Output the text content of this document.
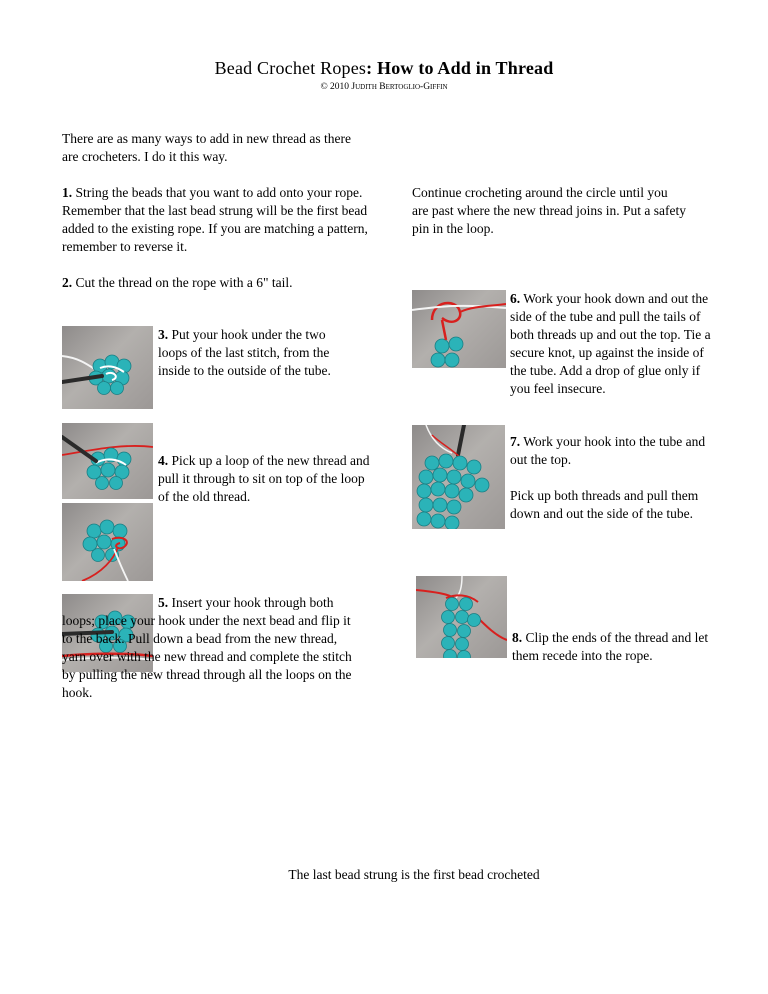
Bead Crochet Ropes: How to Add in Thread
© 2010 Judith Bertoglio-Giffin
There are as many ways to add in new thread as there are crocheters. I do it this way.
1. String the beads that you want to add onto your rope. Remember that the last bead strung will be the first bead added to the existing rope. If you are matching a pattern, remember to reverse it.
2. Cut the thread on the rope with a 6" tail.
3. Put your hook under the two loops of the last stitch, from the inside to the outside of the tube.
4. Pick up a loop of the new thread and pull it through to sit on top of the loop of the old thread.
5. Insert your hook through both loops; place your hook under the next bead and flip it to the back. Pull down a bead from the new thread, yarn over with the new thread and complete the stitch by pulling the new thread through all the loops on the hook.
Continue crocheting around the circle until you are past where the new thread joins in. Put a safety pin in the loop.
6. Work your hook down and out the side of the tube and pull the tails of both threads up and out the top. Tie a secure knot, up against the inside of the tube. Add a drop of glue only if you feel insecure.
7. Work your hook into the tube and out the top.
Pick up both threads and pull them down and out the side of the tube.
8. Clip the ends of the thread and let them recede into the rope.
The last bead strung is the first bead crocheted
